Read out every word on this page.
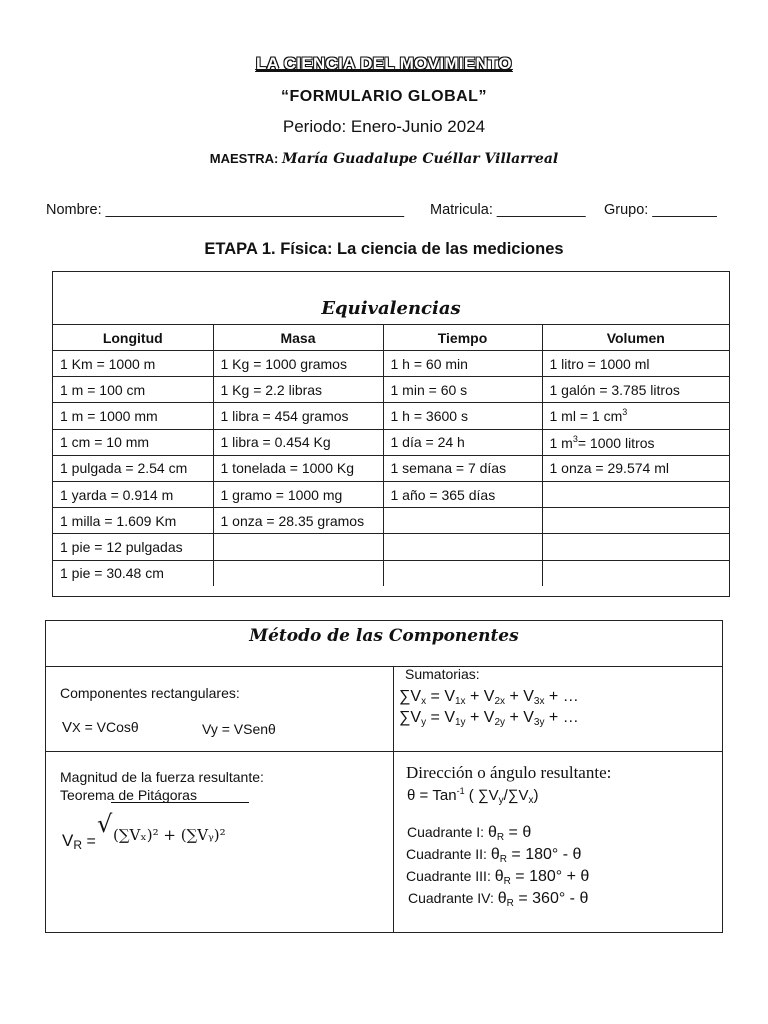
LA CIENCIA DEL MOVIMIENTO
“FORMULARIO GLOBAL”
Periodo: Enero-Junio 2024
MAESTRA: María Guadalupe Cuéllar Villarreal
Nombre: _____________________________________ Matricula: ___________ Grupo: ________
ETAPA 1. Física: La ciencia de las mediciones
Equivalencias
Longitud	Masa	Tiempo	Volumen
1 Km = 1000 m	1 Kg = 1000 gramos	1 h = 60 min	1 litro = 1000 ml
1 m = 100 cm	1 Kg = 2.2 libras	1 min = 60 s	1 galón = 3.785 litros
1 m = 1000 mm	1 libra = 454 gramos	1 h = 3600 s	1 ml = 1 $cm^3$
1 cm = 10 mm	1 libra = 0.454 Kg	1 día = 24 h	1 $m^3= 1000$ litros
1 pulgada = 2.54 cm	1 tonelada = 1000 Kg	1 semana = 7 días	1 onza = 29.574 ml
1 yarda = 0.914 m	1 gramo = 1000 mg	1 año = 365 días	
1 milla = 1.609 Km	1 onza = 28.35 gramos		
1 pie = 12 pulgadas			
1 pie = 30.48 cm			
Método de las Componentes
Componentes rectangulares:
VX = VCosθ	Vy = VSenθ
Sumatorias:
$\sum V_x = V_{1x} + V_{2x} + V_{3x}$ + …
$\sum V_y = V_{1y} + V_{2y} + V_{3y}$ + …
Magnitud de la fuerza resultante:
Teorema de Pitágoras
$V_R$ =
√ (∑Vₓ)² + (∑Vᵧ)²
Dirección o ángulo resultante:
θ = Tan$^{-1}$ ( $\sum V_y/\sum V_x$)
Cuadrante I: $\theta_R = \theta$
Cuadrante II: $\theta_R = 180^\circ - \theta$
Cuadrante III: $\theta_R = 180^\circ + \theta$
Cuadrante IV: $\theta_R = 360^\circ - \theta$
